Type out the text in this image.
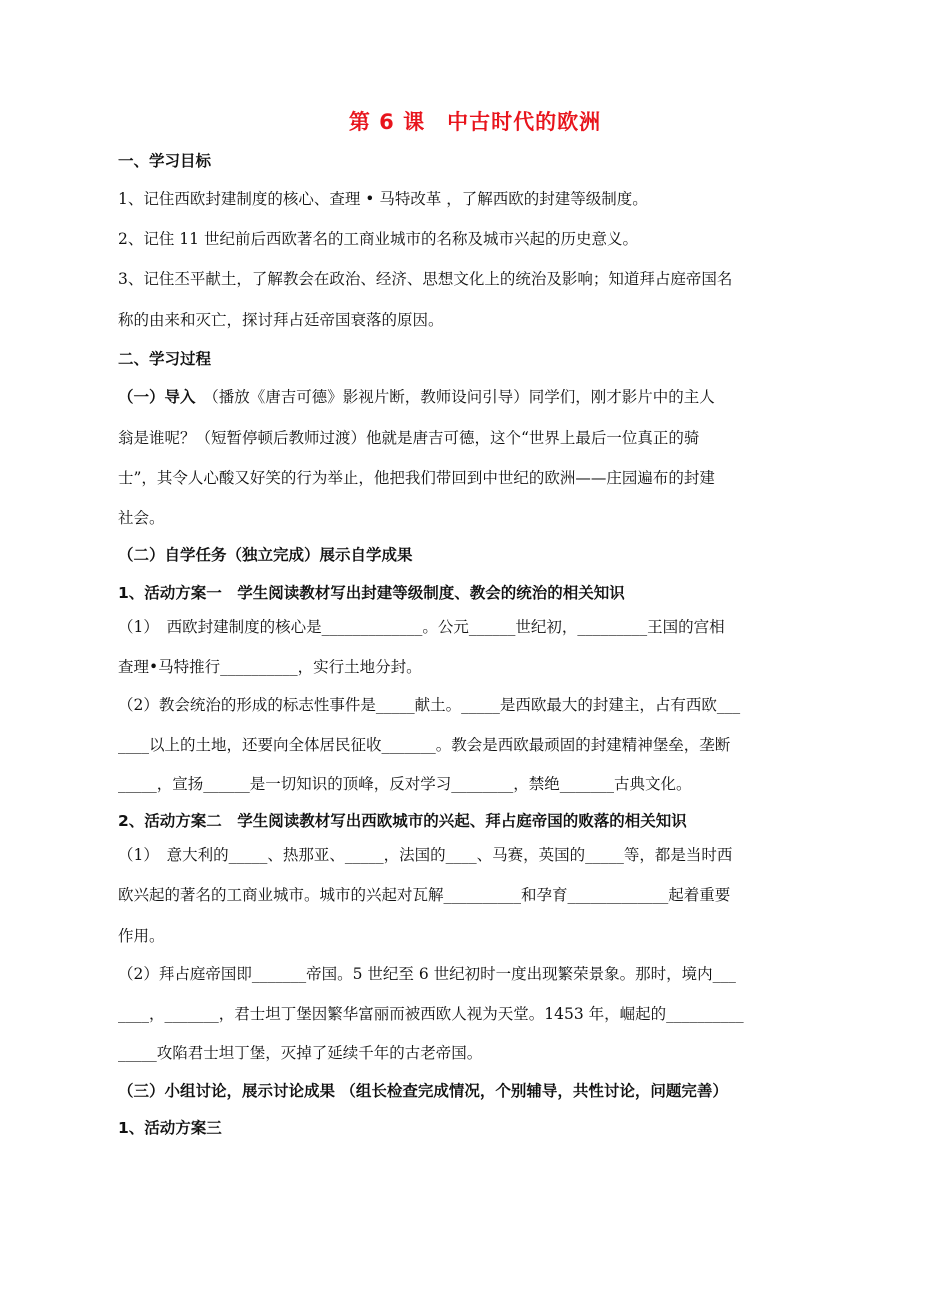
第 6 课　中古时代的欧洲
一、学习目标
1、记住西欧封建制度的核心、查理 • 马特改革 ，了解西欧的封建等级制度。
2、记住 11 世纪前后西欧著名的工商业城市的名称及城市兴起的历史意义。
3、记住丕平献土，了解教会在政治、经济、思想文化上的统治及影响；知道拜占庭帝国名
称的由来和灭亡，探讨拜占廷帝国衰落的原因。
二、学习过程
（一）导入　（播放《唐吉可德》影视片断，教师设问引导）同学们，刚才影片中的主人
翁是谁呢？（短暂停顿后教师过渡）他就是唐吉可德，这个“世界上最后一位真正的骑
士”，其令人心酸又好笑的行为举止，他把我们带回到中世纪的欧洲——庄园遍布的封建
社会。
（二）自学任务（独立完成）展示自学成果
1、活动方案一　学生阅读教材写出封建等级制度、教会的统治的相关知识
（1）　西欧封建制度的核心是_____________。公元______世纪初，_________王国的宫相
查理•马特推行__________，实行土地分封。
（2）教会统治的形成的标志性事件是_____献土。_____是西欧最大的封建主，占有西欧___
____以上的土地，还要向全体居民征收_______。教会是西欧最顽固的封建精神堡垒，垄断
_____，宣扬______是一切知识的顶峰，反对学习________，禁绝_______古典文化。
2、活动方案二　学生阅读教材写出西欧城市的兴起、拜占庭帝国的败落的相关知识
（1）　意大利的_____、热那亚、_____，法国的____、马赛，英国的_____等，都是当时西
欧兴起的著名的工商业城市。城市的兴起对瓦解__________和孕育_____________起着重要
作用。
（2）拜占庭帝国即_______帝国。5 世纪至 6 世纪初时一度出现繁荣景象。那时，境内___
____，_______，君士坦丁堡因繁华富丽而被西欧人视为天堂。1453 年，崛起的__________
_____攻陷君士坦丁堡，灭掉了延续千年的古老帝国。
（三）小组讨论，展示讨论成果 （组长检查完成情况，个别辅导，共性讨论，问题完善）
1、活动方案三
